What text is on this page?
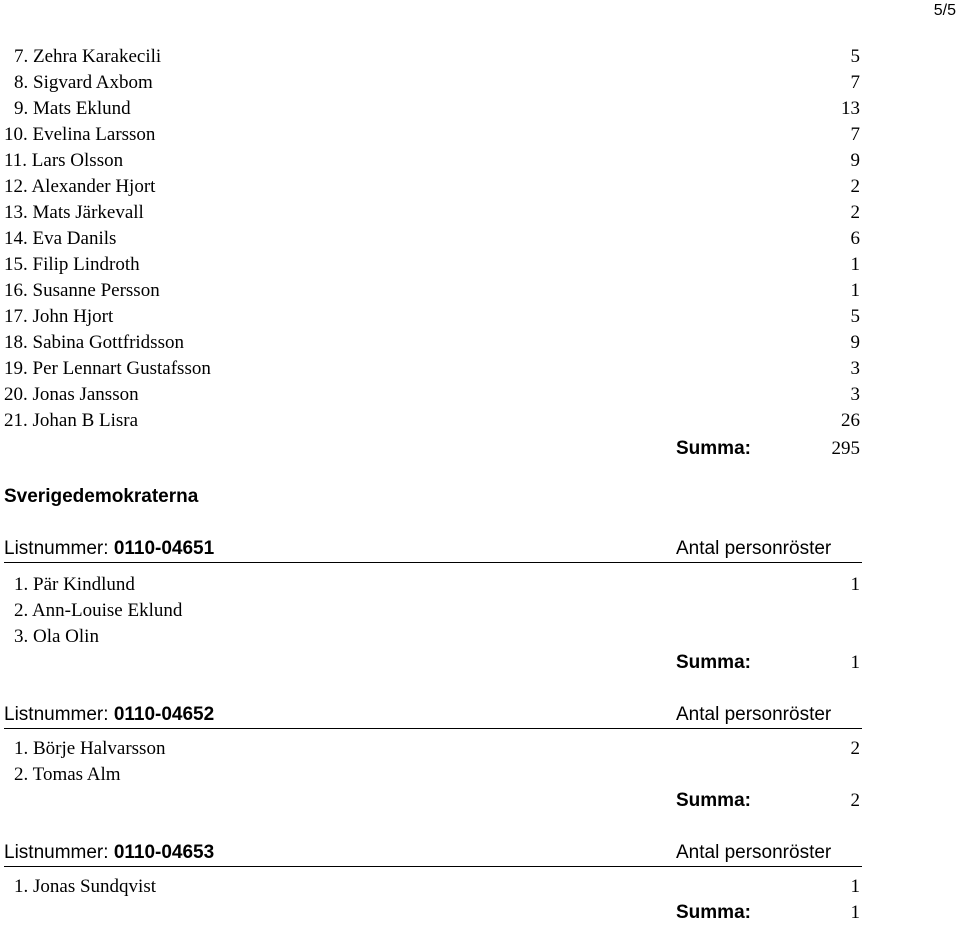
5/5
7. Zehra Karakecili	5
8. Sigvard Axbom	7
9. Mats Eklund	13
10. Evelina Larsson	7
11. Lars Olsson	9
12. Alexander Hjort	2
13. Mats Järkevall	2
14. Eva Danils	6
15. Filip Lindroth	1
16. Susanne Persson	1
17. John Hjort	5
18. Sabina Gottfridsson	9
19. Per Lennart Gustafsson	3
20. Jonas Jansson	3
21. Johan B Lisra	26
Summa:	295
Sverigedemokraterna
Listnummer: 0110-04651	Antal personröster
1. Pär Kindlund	1
2. Ann-Louise Eklund
3. Ola Olin
Summa:	1
Listnummer: 0110-04652	Antal personröster
1. Börje Halvarsson	2
2. Tomas Alm
Summa:	2
Listnummer: 0110-04653	Antal personröster
1. Jonas Sundqvist	1
Summa:	1
